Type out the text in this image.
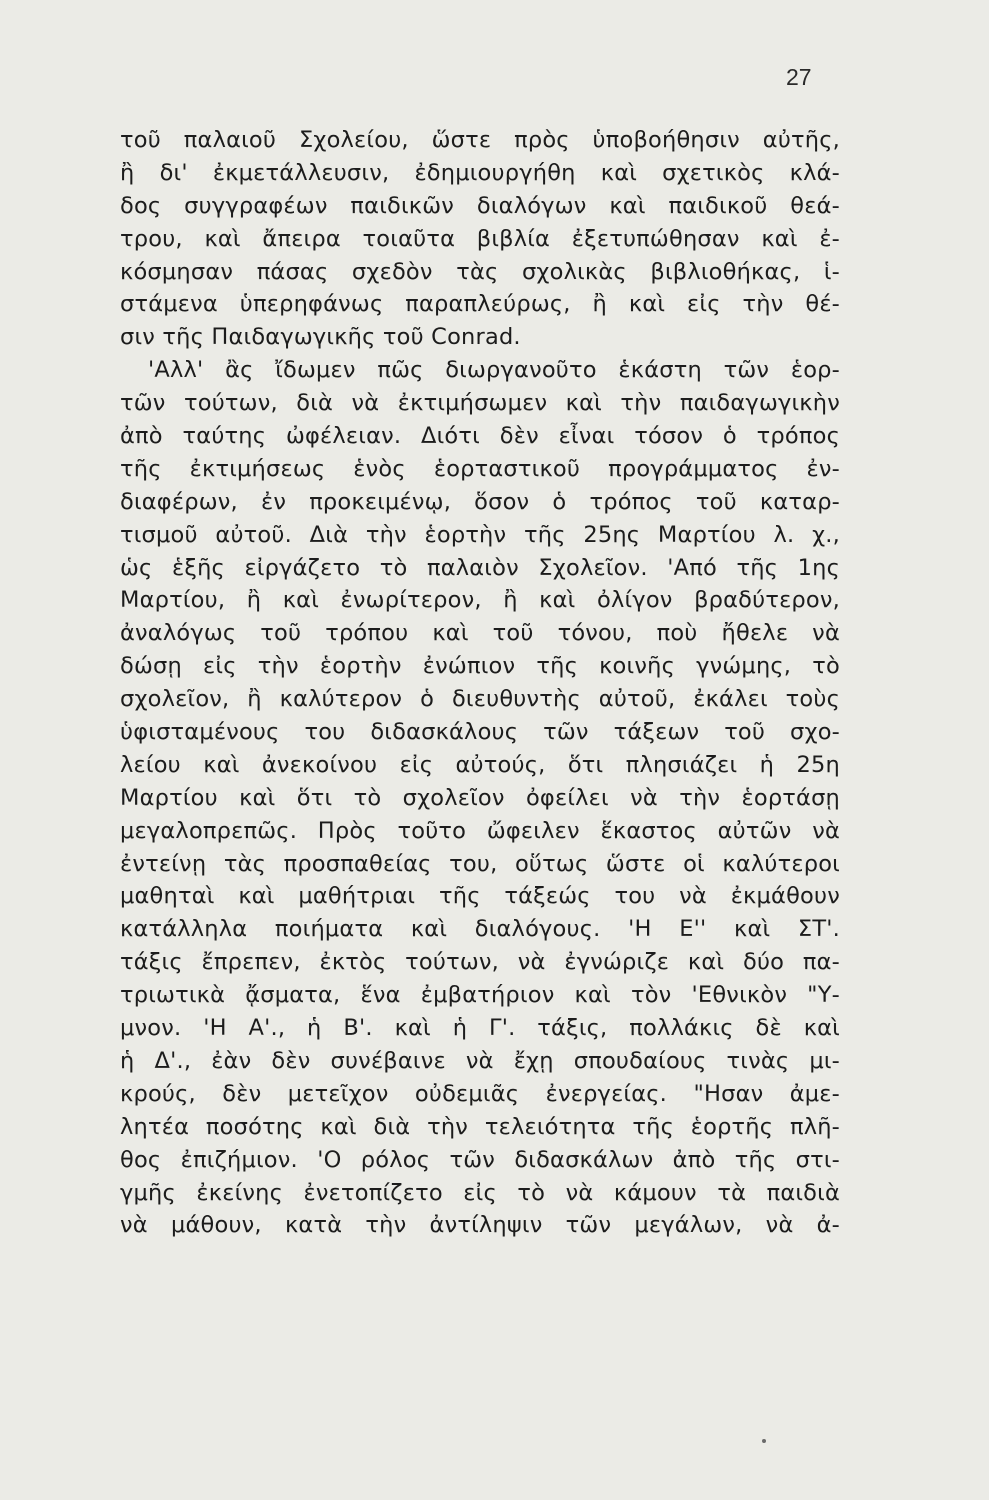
27
τοῦ παλαιοῦ Σχολείου, ὥστε πρὸς ὑποβοήθησιν αὐτῆς,
ἢ δι' ἐκμετάλλευσιν, ἐδημιουργήθη καὶ σχετικὸς κλά-
δος συγγραφέων παιδικῶν διαλόγων καὶ παιδικοῦ θεά-
τρου, καὶ ἄπειρα τοιαῦτα βιβλία ἐξετυπώθησαν καὶ ἐ-
κόσμησαν πάσας σχεδὸν τὰς σχολικὰς βιβλιοθήκας, ἱ-
στάμενα ὑπερηφάνως παραπλεύρως, ἢ καὶ εἰς τὴν θέ-
σιν τῆς Παιδαγωγικῆς τοῦ Conrad.
'Αλλ' ἂς ἴδωμεν πῶς διωργανοῦτο ἑκάστη τῶν ἑορ-
τῶν τούτων, διὰ νὰ ἐκτιμήσωμεν καὶ τὴν παιδαγωγικὴν
ἀπὸ ταύτης ὠφέλειαν. Διότι δὲν εἶναι τόσον ὁ τρόπος
τῆς ἐκτιμήσεως ἑνὸς ἑορταστικοῦ προγράμματος ἐν-
διαφέρων, ἐν προκειμένῳ, ὅσον ὁ τρόπος τοῦ καταρ-
τισμοῦ αὐτοῦ. Διὰ τὴν ἑορτὴν τῆς 25ης Μαρτίου λ. χ.,
ὡς ἑξῆς εἰργάζετο τὸ παλαιὸν Σχολεῖον. 'Από τῆς 1ης
Μαρτίου, ἢ καὶ ἐνωρίτερον, ἢ καὶ ὀλίγον βραδύτερον,
ἀναλόγως τοῦ τρόπου καὶ τοῦ τόνου, ποὺ ἤθελε νὰ
δώσῃ εἰς τὴν ἑορτὴν ἐνώπιον τῆς κοινῆς γνώμης, τὸ
σχολεῖον, ἢ καλύτερον ὁ διευθυντὴς αὐτοῦ, ἐκάλει τοὺς
ὑφισταμένους του διδασκάλους τῶν τάξεων τοῦ σχο-
λείου καὶ ἀνεκοίνου εἰς αὐτούς, ὅτι πλησιάζει ἡ 25η
Μαρτίου καὶ ὅτι τὸ σχολεῖον ὀφείλει νὰ τὴν ἑορτάσῃ
μεγαλοπρεπῶς. Πρὸς τοῦτο ὤφειλεν ἕκαστος αὐτῶν νὰ
ἐντείνῃ τὰς προσπαθείας του, οὕτως ὥστε οἱ καλύτεροι
μαθηταὶ καὶ μαθήτριαι τῆς τάξεώς του νὰ ἐκμάθουν
κατάλληλα ποιήματα καὶ διαλόγους. 'Η Ε'' καὶ ΣΤ'.
τάξις ἔπρεπεν, ἐκτὸς τούτων, νὰ ἐγνώριζε καὶ δύο πα-
τριωτικὰ ᾄσματα, ἕνα ἐμβατήριον καὶ τὸν 'Εθνικὸν "Υ-
μνον. 'Η Α'., ἡ Β'. καὶ ἡ Γ'. τάξις, πολλάκις δὲ καὶ
ἡ Δ'., ἐὰν δὲν συνέβαινε νὰ ἔχῃ σπουδαίους τινὰς μι-
κρούς, δὲν μετεῖχον οὐδεμιᾶς ἐνεργείας. "Ησαν ἀμε-
λητέα ποσότης καὶ διὰ τὴν τελειότητα τῆς ἑορτῆς πλῆ-
θος ἐπιζήμιον. 'Ο ρόλος τῶν διδασκάλων ἀπὸ τῆς στι-
γμῆς ἐκείνης ἐνετοπίζετο εἰς τὸ νὰ κάμουν τὰ παιδιὰ
νὰ μάθουν, κατὰ τὴν ἀντίληψιν τῶν μεγάλων, νὰ ἀ-
